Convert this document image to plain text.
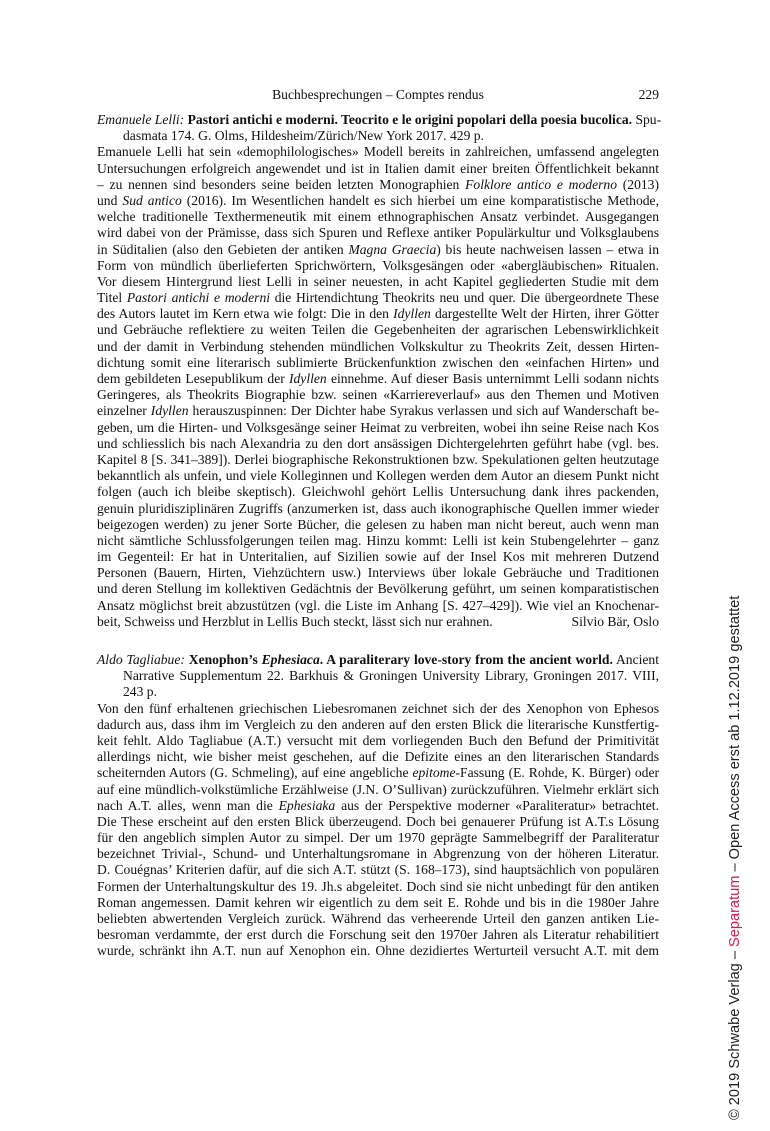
Buchbesprechungen – Comptes rendus	229
Emanuele Lelli: Pastori antichi e moderni. Teocrito e le origini popolari della poesia bucolica. Spu-
dasmata 174. G. Olms, Hildesheim/Zürich/New York 2017. 429 p.
Emanuele Lelli hat sein «demophilologisches» Modell bereits in zahlreichen, umfassend angelegten
Untersuchungen erfolgreich angewendet und ist in Italien damit einer breiten Öffentlichkeit bekannt
– zu nennen sind besonders seine beiden letzten Monographien Folklore antico e moderno (2013)
und Sud antico (2016). Im Wesentlichen handelt es sich hierbei um eine komparatistische Methode,
welche traditionelle Texthermeneutik mit einem ethnographischen Ansatz verbindet. Ausgegangen
wird dabei von der Prämisse, dass sich Spuren und Reflexe antiker Populärkultur und Volksglaubens
in Süditalien (also den Gebieten der antiken Magna Graecia) bis heute nachweisen lassen – etwa in
Form von mündlich überlieferten Sprichwörtern, Volksgesängen oder «abergläubischen» Ritualen.
Vor diesem Hintergrund liest Lelli in seiner neuesten, in acht Kapitel gegliederten Studie mit dem
Titel Pastori antichi e moderni die Hirtendichtung Theokrits neu und quer. Die übergeordnete These
des Autors lautet im Kern etwa wie folgt: Die in den Idyllen dargestellte Welt der Hirten, ihrer Götter
und Gebräuche reflektiere zu weiten Teilen die Gegebenheiten der agrarischen Lebenswirklichkeit
und der damit in Verbindung stehenden mündlichen Volkskultur zu Theokrits Zeit, dessen Hirten-
dichtung somit eine literarisch sublimierte Brückenfunktion zwischen den «einfachen Hirten» und
dem gebildeten Lesepublikum der Idyllen einnehme. Auf dieser Basis unternimmt Lelli sodann nichts
Geringeres, als Theokrits Biographie bzw. seinen «Karriereverlauf» aus den Themen und Motiven
einzelner Idyllen herauszuspinnen: Der Dichter habe Syrakus verlassen und sich auf Wanderschaft be-
geben, um die Hirten- und Volksgesänge seiner Heimat zu verbreiten, wobei ihn seine Reise nach Kos
und schliesslich bis nach Alexandria zu den dort ansässigen Dichtergelehrten geführt habe (vgl. bes.
Kapitel 8 [S. 341–389]). Derlei biographische Rekonstruktionen bzw. Spekulationen gelten heutzutage
bekanntlich als unfein, und viele Kolleginnen und Kollegen werden dem Autor an diesem Punkt nicht
folgen (auch ich bleibe skeptisch). Gleichwohl gehört Lellis Untersuchung dank ihres packenden,
genuin pluridisziplinären Zugriffs (anzumerken ist, dass auch ikonographische Quellen immer wieder
beigezogen werden) zu jener Sorte Bücher, die gelesen zu haben man nicht bereut, auch wenn man
nicht sämtliche Schlussfolgerungen teilen mag. Hinzu kommt: Lelli ist kein Stubengelehrter – ganz
im Gegenteil: Er hat in Unteritalien, auf Sizilien sowie auf der Insel Kos mit mehreren Dutzend
Personen (Bauern, Hirten, Viehzüchtern usw.) Interviews über lokale Gebräuche und Traditionen
und deren Stellung im kollektiven Gedächtnis der Bevölkerung geführt, um seinen komparatistischen
Ansatz möglichst breit abzustützen (vgl. die Liste im Anhang [S. 427–429]). Wie viel an Knochenar-
beit, Schweiss und Herzblut in Lellis Buch steckt, lässt sich nur erahnen.	Silvio Bär, Oslo
Aldo Tagliabue: Xenophon’s Ephesiaca. A paraliterary love-story from the ancient world. Ancient
Narrative Supplementum 22. Barkhuis & Groningen University Library, Groningen 2017. VIII,
243 p.
Von den fünf erhaltenen griechischen Liebesromanen zeichnet sich der des Xenophon von Ephesos
dadurch aus, dass ihm im Vergleich zu den anderen auf den ersten Blick die literarische Kunstfertig-
keit fehlt. Aldo Tagliabue (A.T.) versucht mit dem vorliegenden Buch den Befund der Primitivität
allerdings nicht, wie bisher meist geschehen, auf die Defizite eines an den literarischen Standards
scheiternden Autors (G. Schmeling), auf eine angebliche epitome-Fassung (E. Rohde, K. Bürger) oder
auf eine mündlich-volkstümliche Erzählweise (J.N. O’Sullivan) zurückzuführen. Vielmehr erklärt sich
nach A.T. alles, wenn man die Ephesiaka aus der Perspektive moderner «Paraliteratur» betrachtet.
Die These erscheint auf den ersten Blick überzeugend. Doch bei genauerer Prüfung ist A.T.s Lösung
für den angeblich simplen Autor zu simpel. Der um 1970 geprägte Sammelbegriff der Paraliteratur
bezeichnet Trivial-, Schund- und Unterhaltungsromane in Abgrenzung von der höheren Literatur.
D. Couégnas’ Kriterien dafür, auf die sich A.T. stützt (S. 168–173), sind hauptsächlich von populären
Formen der Unterhaltungskultur des 19. Jh.s abgeleitet. Doch sind sie nicht unbedingt für den antiken
Roman angemessen. Damit kehren wir eigentlich zu dem seit E. Rohde und bis in die 1980er Jahre
beliebten abwertenden Vergleich zurück. Während das verheerende Urteil den ganzen antiken Lie-
besroman verdammte, der erst durch die Forschung seit den 1970er Jahren als Literatur rehabilitiert
wurde, schränkt ihn A.T. nun auf Xenophon ein. Ohne dezidiertes Werturteil versucht A.T. mit dem	© 2019 Schwabe Verlag – Separatum – Open Access erst ab 1.12.2019 gestattet
